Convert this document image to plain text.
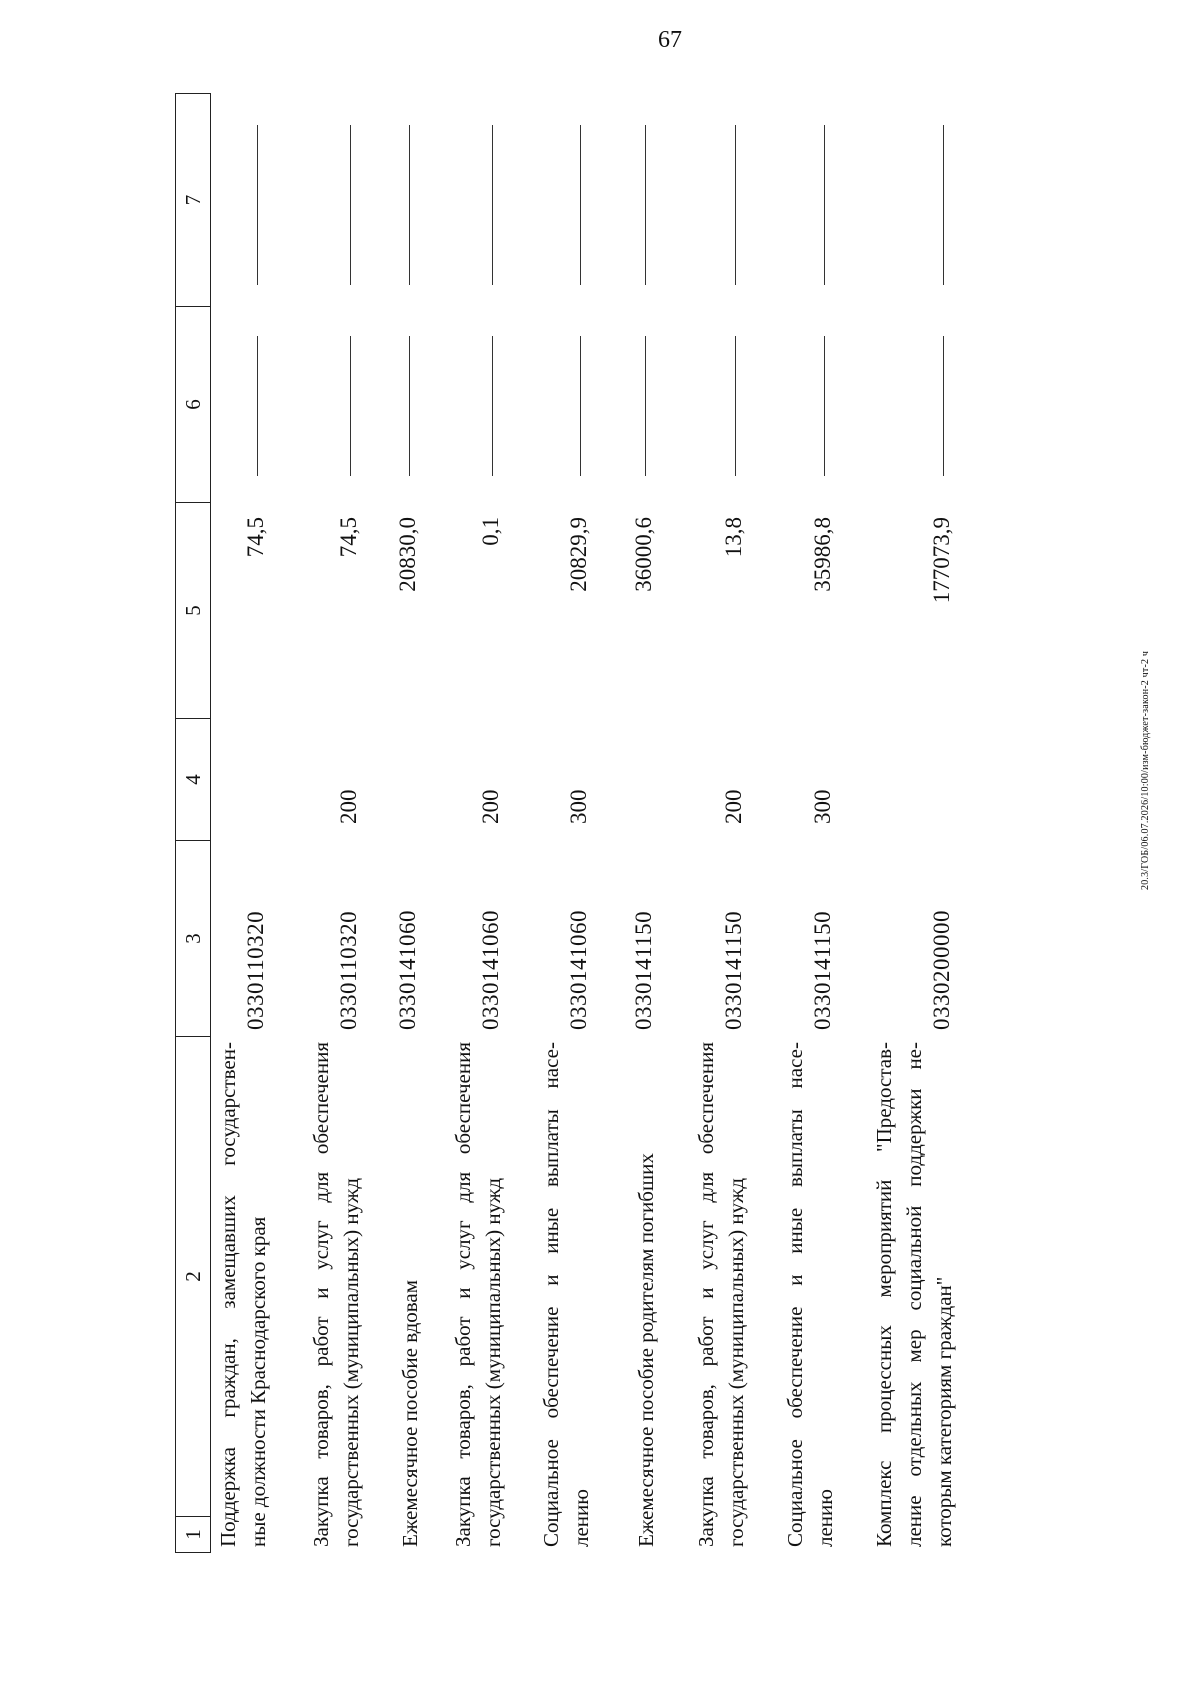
67
1
2
3
4
5
6
7
Поддержка граждан, замещавших государствен- ные должности Краснодарского края
0330110320
74,5
Закупка товаров, работ и услуг для обеспечения государственных (муниципальных) нужд
0330110320
200
74,5
Ежемесячное пособие вдовам
0330141060
20830,0
Закупка товаров, работ и услуг для обеспечения государственных (муниципальных) нужд
0330141060
200
0,1
Социальное обеспечение и иные выплаты насе- лению
0330141060
300
20829,9
Ежемесячное пособие родителям погибших
0330141150
36000,6
Закупка товаров, работ и услуг для обеспечения государственных (муниципальных) нужд
0330141150
200
13,8
Социальное обеспечение и иные выплаты насе- лению
0330141150
300
35986,8
Комплекс процессных мероприятий "Предостав- ление отдельных мер социальной поддержки не- которым категориям граждан"
0330200000
177073,9
20.3/ГОБ/06.07.2026/10:00/изм-бюджет-закон-2 чт-2 ч
